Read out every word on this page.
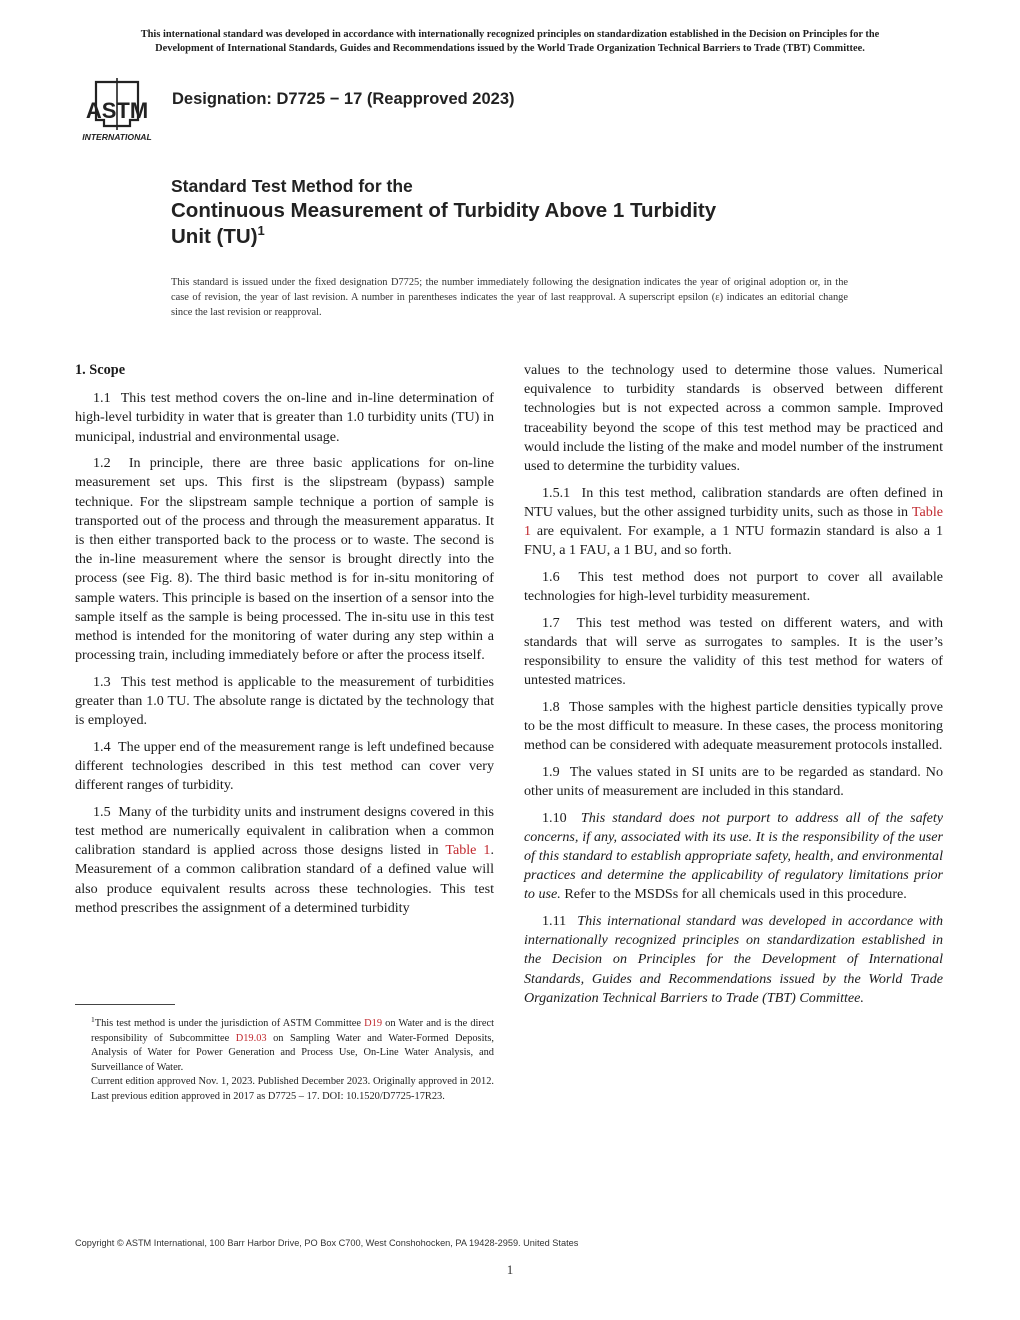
This international standard was developed in accordance with internationally recognized principles on standardization established in the Decision on Principles for the
Development of International Standards, Guides and Recommendations issued by the World Trade Organization Technical Barriers to Trade (TBT) Committee.
ASTM
INTERNATIONAL
Designation: D7725 − 17 (Reapproved 2023)
Standard Test Method for the
Continuous Measurement of Turbidity Above 1 Turbidity
Unit (TU)$^1$
This standard is issued under the fixed designation D7725; the number immediately following the designation indicates the year of original adoption or, in the case of revision, the year of last revision. A number in parentheses indicates the year of last reapproval. A superscript epsilon (ε) indicates an editorial change since the last revision or reapproval.

1. Scope

1.1 This test method covers the on-line and in-line determination of high-level turbidity in water that is greater than 1.0 turbidity units (TU) in municipal, industrial and environmental usage.

1.2 In principle, there are three basic applications for on-line measurement set ups. This first is the slipstream (bypass) sample technique. For the slipstream sample technique a portion of sample is transported out of the process and through the measurement apparatus. It is then either transported back to the process or to waste. The second is the in-line measurement where the sensor is brought directly into the process (see Fig. 8). The third basic method is for in-situ monitoring of sample waters. This principle is based on the insertion of a sensor into the sample itself as the sample is being processed. The in-situ use in this test method is intended for the monitoring of water during any step within a processing train, including immediately before or after the process itself.

1.3 This test method is applicable to the measurement of turbidities greater than 1.0 TU. The absolute range is dictated by the technology that is employed.

1.4 The upper end of the measurement range is left undefined because different technologies described in this test method can cover very different ranges of turbidity.

1.5 Many of the turbidity units and instrument designs covered in this test method are numerically equivalent in calibration when a common calibration standard is applied across those designs listed in Table 1. Measurement of a common calibration standard of a defined value will also produce equivalent results across these technologies. This test method prescribes the assignment of a determined turbidity

values to the technology used to determine those values. Numerical equivalence to turbidity standards is observed between different technologies but is not expected across a common sample. Improved traceability beyond the scope of this test method may be practiced and would include the listing of the make and model number of the instrument used to determine the turbidity values.

1.5.1 In this test method, calibration standards are often defined in NTU values, but the other assigned turbidity units, such as those in Table 1 are equivalent. For example, a 1 NTU formazin standard is also a 1 FNU, a 1 FAU, a 1 BU, and so forth.

1.6 This test method does not purport to cover all available technologies for high-level turbidity measurement.

1.7 This test method was tested on different waters, and with standards that will serve as surrogates to samples. It is the user’s responsibility to ensure the validity of this test method for waters of untested matrices.

1.8 Those samples with the highest particle densities typically prove to be the most difficult to measure. In these cases, the process monitoring method can be considered with adequate measurement protocols installed.

1.9 The values stated in SI units are to be regarded as standard. No other units of measurement are included in this standard.

1.10 This standard does not purport to address all of the safety concerns, if any, associated with its use. It is the responsibility of the user of this standard to establish appropriate safety, health, and environmental practices and determine the applicability of regulatory limitations prior to use. Refer to the MSDSs for all chemicals used in this procedure.

1.11 This international standard was developed in accordance with internationally recognized principles on standardization established in the Decision on Principles for the Development of International Standards, Guides and Recommendations issued by the World Trade Organization Technical Barriers to Trade (TBT) Committee.

$^1$This test method is under the jurisdiction of ASTM Committee D19 on Water and is the direct responsibility of Subcommittee D19.03 on Sampling Water and Water-Formed Deposits, Analysis of Water for Power Generation and Process Use, On-Line Water Analysis, and Surveillance of Water.

Current edition approved Nov. 1, 2023. Published December 2023. Originally approved in 2012. Last previous edition approved in 2017 as D7725 – 17. DOI: 10.1520/D7725-17R23.

Copyright © ASTM International, 100 Barr Harbor Drive, PO Box C700, West Conshohocken, PA 19428-2959. United States
1
